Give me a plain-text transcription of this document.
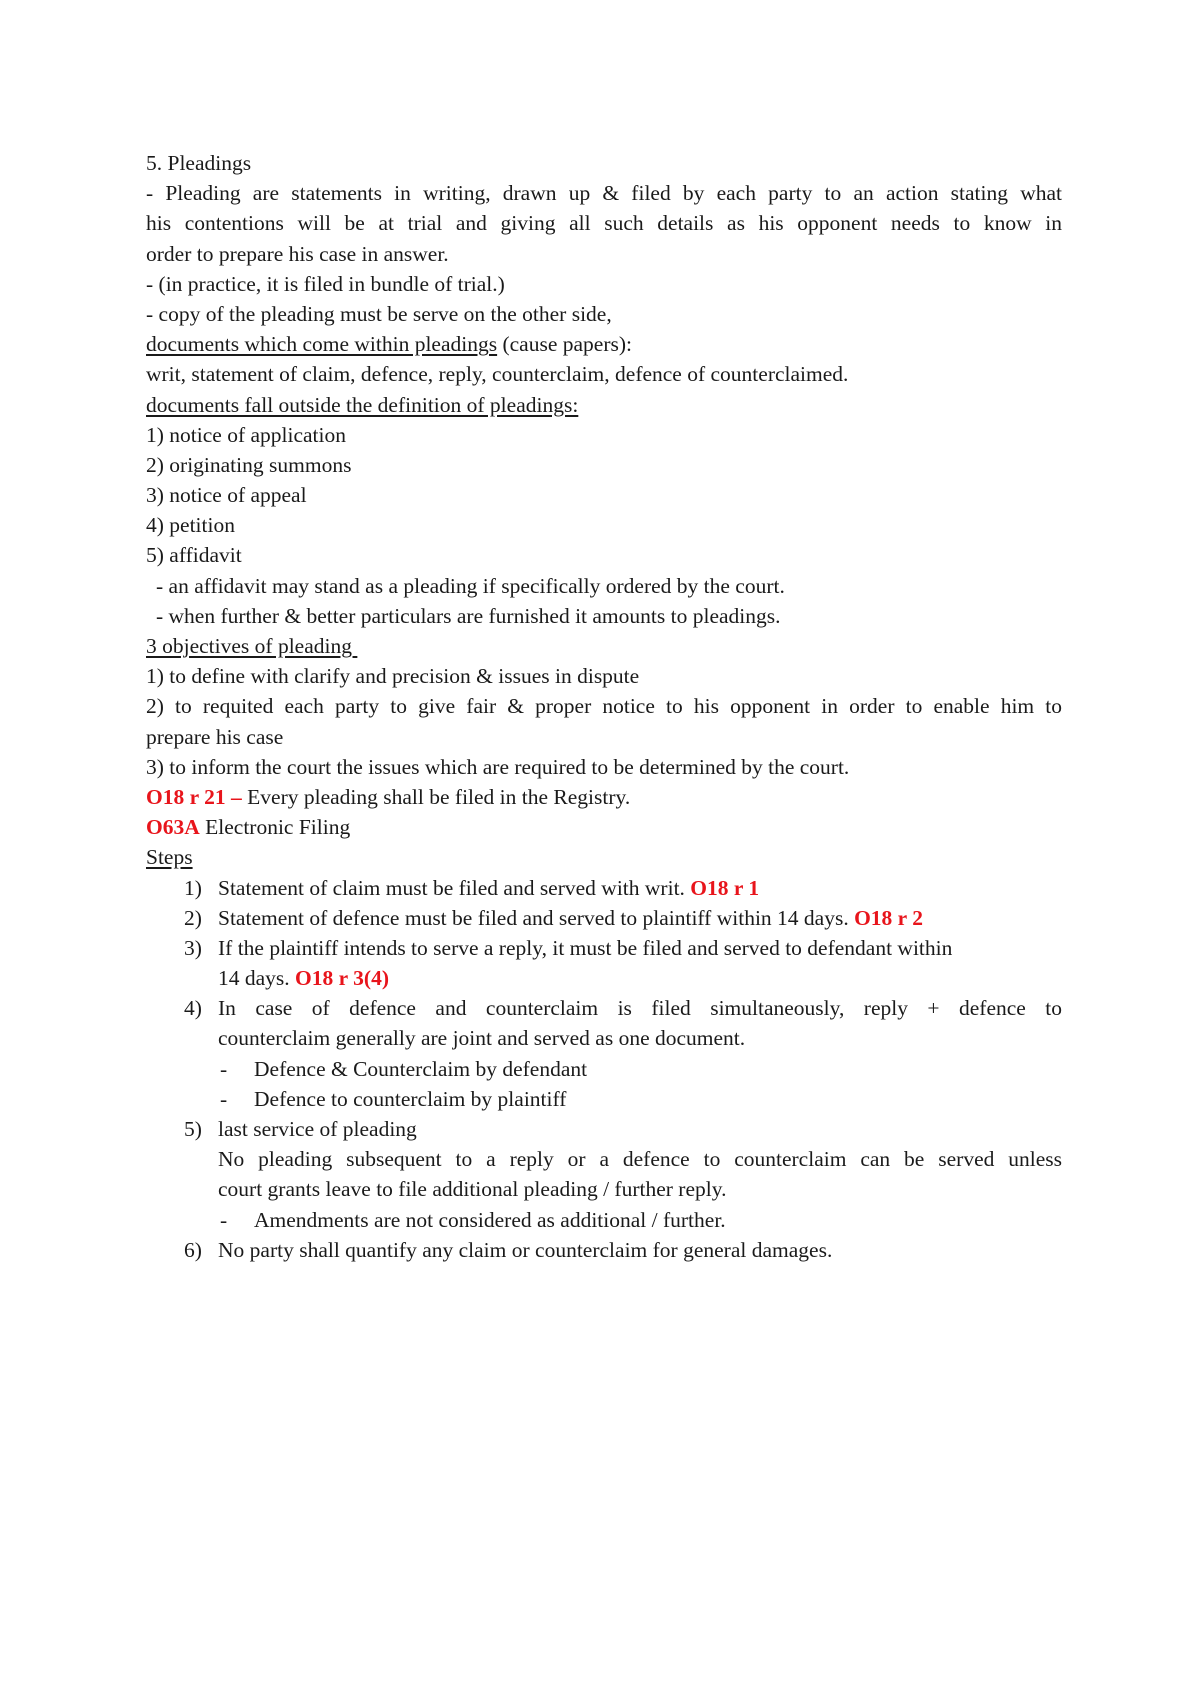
5. Pleadings
- Pleading are statements in writing, drawn up & filed by each party to an action stating what
his contentions will be at trial and giving all such details as his opponent needs to know in
order to prepare his case in answer.
- (in practice, it is filed in bundle of trial.)
- copy of the pleading must be serve on the other side,
documents which come within pleadings (cause papers):
writ, statement of claim, defence, reply, counterclaim, defence of counterclaimed.
documents fall outside the definition of pleadings:
1) notice of application
2) originating summons
3) notice of appeal
4) petition
5) affidavit
- an affidavit may stand as a pleading if specifically ordered by the court.
- when further & better particulars are furnished it amounts to pleadings.
3 objectives of pleading
1) to define with clarify and precision & issues in dispute
2) to requited each party to give fair & proper notice to his opponent in order to enable him to
prepare his case
3) to inform the court the issues which are required to be determined by the court.
O18 r 21 – Every pleading shall be filed in the Registry.
O63A Electronic Filing
Steps
1) Statement of claim must be filed and served with writ. O18 r 1
2) Statement of defence must be filed and served to plaintiff within 14 days. O18 r 2
3) If the plaintiff intends to serve a reply, it must be filed and served to defendant within
14 days. O18 r 3(4)
4) In case of defence and counterclaim is filed simultaneously, reply + defence to
counterclaim generally are joint and served as one document.
- Defence & Counterclaim by defendant
- Defence to counterclaim by plaintiff
5) last service of pleading
No pleading subsequent to a reply or a defence to counterclaim can be served unless
court grants leave to file additional pleading / further reply.
- Amendments are not considered as additional / further.
6) No party shall quantify any claim or counterclaim for general damages.
